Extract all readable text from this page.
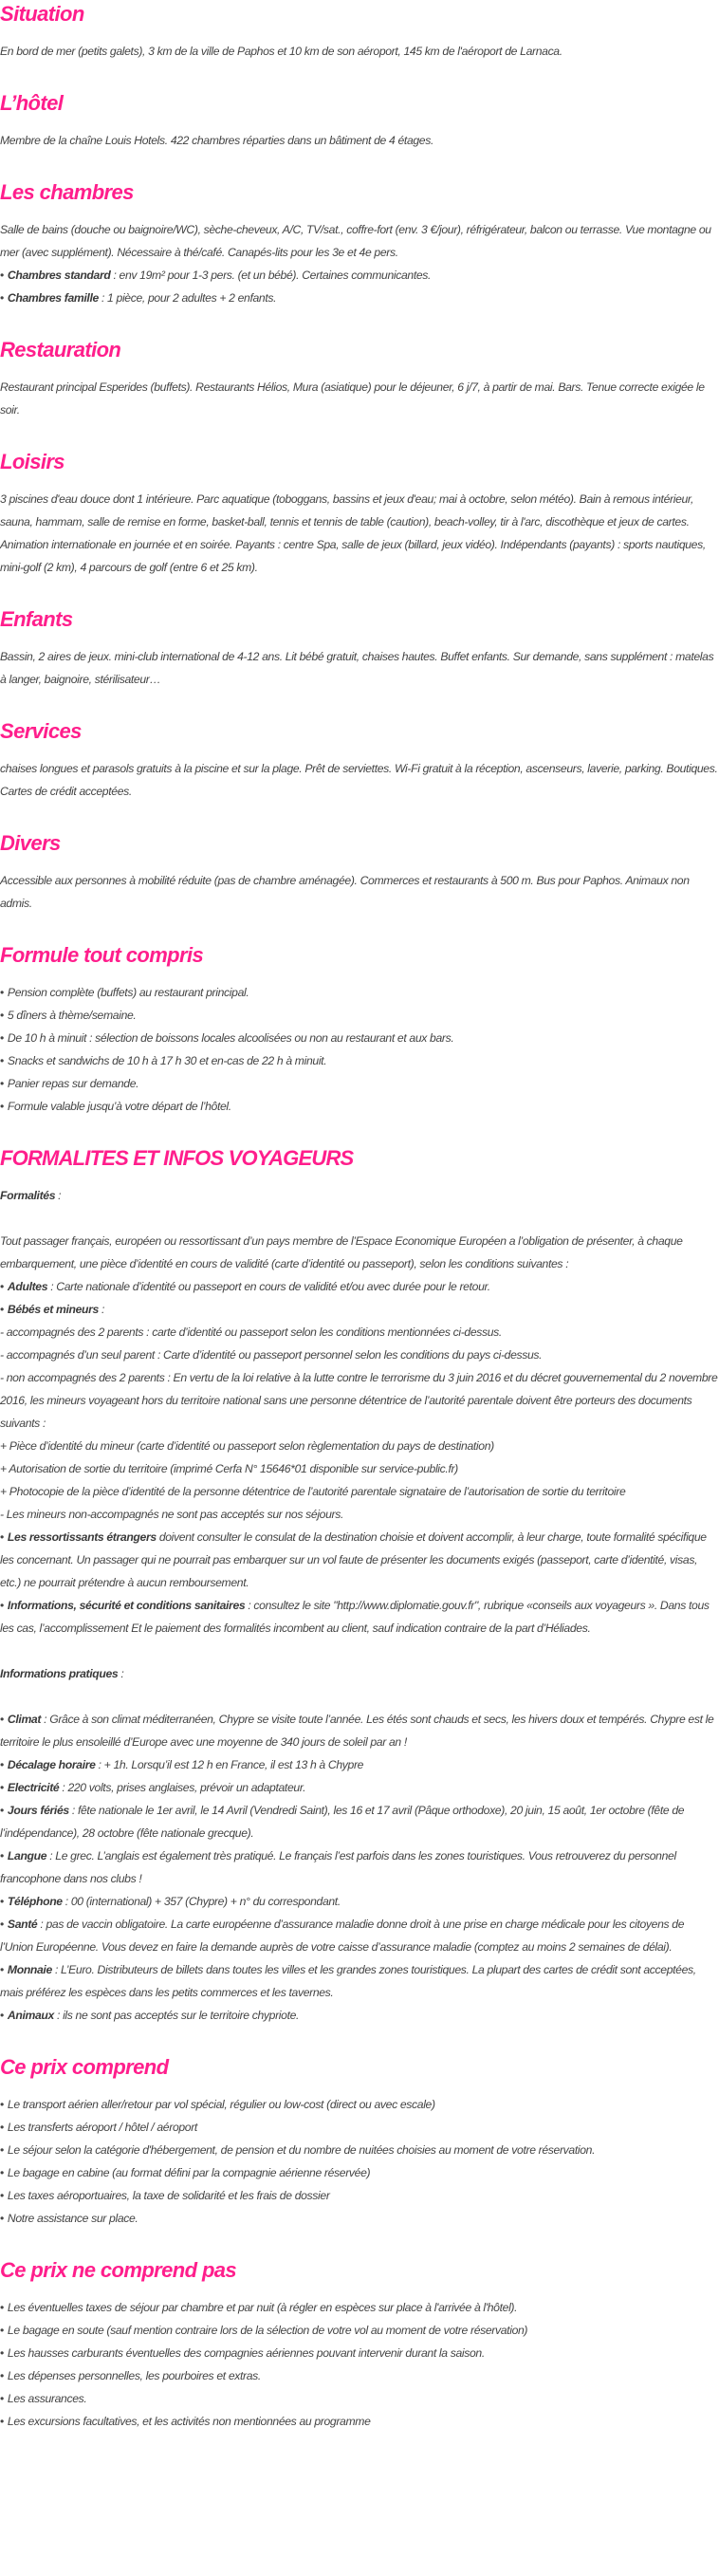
Situation

En bord de mer (petits galets), 3 km de la ville de Paphos et 10 km de son aéroport, 145 km de l'aéroport de Larnaca.

L’hôtel

Membre de la chaîne Louis Hotels. 422 chambres réparties dans un bâtiment de 4 étages.

Les chambres

Salle de bains (douche ou baignoire/WC), sèche-cheveux, A/C, TV/sat., coffre-fort (env. 3 €/jour), réfrigérateur, balcon ou terrasse. Vue montagne ou mer (avec supplément). Nécessaire à thé/café. Canapés-lits pour les 3e et 4e pers.

• Chambres standard : env 19m² pour 1-3 pers. (et un bébé). Certaines communicantes.

• Chambres famille : 1 pièce, pour 2 adultes + 2 enfants.

Restauration

Restaurant principal Esperides (buffets). Restaurants Hélios, Mura (asiatique) pour le déjeuner, 6 j/7, à partir de mai. Bars. Tenue correcte exigée le soir.

Loisirs

3 piscines d'eau douce dont 1 intérieure. Parc aquatique (toboggans, bassins et jeux d'eau; mai à octobre, selon météo). Bain à remous intérieur, sauna, hammam, salle de remise en forme, basket-ball, tennis et tennis de table (caution), beach-volley, tir à l'arc, discothèque et jeux de cartes. Animation internationale en journée et en soirée. Payants : centre Spa, salle de jeux (billard, jeux vidéo). Indépendants (payants) : sports nautiques, mini-golf (2 km), 4 parcours de golf (entre 6 et 25 km).

Enfants

Bassin, 2 aires de jeux. mini-club international de 4-12 ans. Lit bébé gratuit, chaises hautes. Buffet enfants. Sur demande, sans supplément : matelas à langer, baignoire, stérilisateur…

Services

chaises longues et parasols gratuits à la piscine et sur la plage. Prêt de serviettes. Wi-Fi gratuit à la réception, ascenseurs, laverie, parking. Boutiques. Cartes de crédit acceptées.

Divers

Accessible aux personnes à mobilité réduite (pas de chambre aménagée). Commerces et restaurants à 500 m. Bus pour Paphos. Animaux non admis.

Formule tout compris

• Pension complète (buffets) au restaurant principal.

• 5 dîners à thème/semaine.

• De 10 h à minuit : sélection de boissons locales alcoolisées ou non au restaurant et aux bars.

• Snacks et sandwichs de 10 h à 17 h 30 et en-cas de 22 h à minuit.

• Panier repas sur demande.

• Formule valable jusqu’à votre départ de l’hôtel.

FORMALITES ET INFOS VOYAGEURS

Formalités :

Tout passager français, européen ou ressortissant d’un pays membre de l’Espace Economique Européen a l’obligation de présenter, à chaque embarquement, une pièce d’identité en cours de validité (carte d’identité ou passeport), selon les conditions suivantes :

• Adultes : Carte nationale d’identité ou passeport en cours de validité et/ou avec durée pour le retour.

• Bébés et mineurs :

- accompagnés des 2 parents : carte d’identité ou passeport selon les conditions mentionnées ci-dessus.

- accompagnés d’un seul parent : Carte d’identité ou passeport personnel selon les conditions du pays ci-dessus.

- non accompagnés des 2 parents : En vertu de la loi relative à la lutte contre le terrorisme du 3 juin 2016 et du décret gouvernemental du 2 novembre 2016, les mineurs voyageant hors du territoire national sans une personne détentrice de l’autorité parentale doivent être porteurs des documents suivants :

+ Pièce d’identité du mineur (carte d’identité ou passeport selon règlementation du pays de destination)

+ Autorisation de sortie du territoire (imprimé Cerfa N° 15646*01 disponible sur service-public.fr)

+ Photocopie de la pièce d’identité de la personne détentrice de l’autorité parentale signataire de l’autorisation de sortie du territoire

- Les mineurs non-accompagnés ne sont pas acceptés sur nos séjours.

• Les ressortissants étrangers doivent consulter le consulat de la destination choisie et doivent accomplir, à leur charge, toute formalité spécifique les concernant. Un passager qui ne pourrait pas embarquer sur un vol faute de présenter les documents exigés (passeport, carte d’identité, visas, etc.) ne pourrait prétendre à aucun remboursement.

• Informations, sécurité et conditions sanitaires : consultez le site "http://www.diplomatie.gouv.fr", rubrique «conseils aux voyageurs ». Dans tous les cas, l’accomplissement Et le paiement des formalités incombent au client, sauf indication contraire de la part d’Héliades.

Informations pratiques :

• Climat : Grâce à son climat méditerranéen, Chypre se visite toute l’année. Les étés sont chauds et secs, les hivers doux et tempérés. Chypre est le territoire le plus ensoleillé d’Europe avec une moyenne de 340 jours de soleil par an !

• Décalage horaire : + 1h. Lorsqu’il est 12 h en France, il est 13 h à Chypre

• Electricité : 220 volts, prises anglaises, prévoir un adaptateur.

• Jours fériés : fête nationale le 1er avril, le 14 Avril (Vendredi Saint), les 16 et 17 avril (Pâque orthodoxe), 20 juin, 15 août, 1er octobre (fête de l’indépendance), 28 octobre (fête nationale grecque).

• Langue : Le grec. L’anglais est également très pratiqué. Le français l’est parfois dans les zones touristiques. Vous retrouverez du personnel francophone dans nos clubs !

• Téléphone : 00 (international) + 357 (Chypre) + n° du correspondant.

• Santé : pas de vaccin obligatoire. La carte européenne d’assurance maladie donne droit à une prise en charge médicale pour les citoyens de l’Union Européenne. Vous devez en faire la demande auprès de votre caisse d’assurance maladie (comptez au moins 2 semaines de délai).

• Monnaie : L’Euro. Distributeurs de billets dans toutes les villes et les grandes zones touristiques. La plupart des cartes de crédit sont acceptées, mais préférez les espèces dans les petits commerces et les tavernes.

• Animaux : ils ne sont pas acceptés sur le territoire chypriote.

Ce prix comprend

• Le transport aérien aller/retour par vol spécial, régulier ou low-cost (direct ou avec escale)

• Les transferts aéroport / hôtel / aéroport

• Le séjour selon la catégorie d'hébergement, de pension et du nombre de nuitées choisies au moment de votre réservation.

• Le bagage en cabine (au format défini par la compagnie aérienne réservée)

• Les taxes aéroportuaires, la taxe de solidarité et les frais de dossier

• Notre assistance sur place.

Ce prix ne comprend pas

• Les éventuelles taxes de séjour par chambre et par nuit (à régler en espèces sur place à l'arrivée à l'hôtel).

• Le bagage en soute (sauf mention contraire lors de la sélection de votre vol au moment de votre réservation)

• Les hausses carburants éventuelles des compagnies aériennes pouvant intervenir durant la saison.

• Les dépenses personnelles, les pourboires et extras.

• Les assurances.

• Les excursions facultatives, et les activités non mentionnées au programme
